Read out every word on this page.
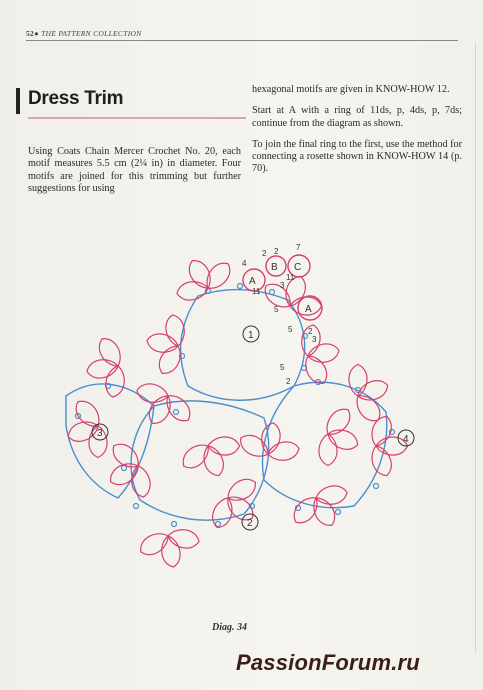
52● THE PATTERN COLLECTION
Dress Trim

Using Coats Chain Mercer Crochet No. 20, each motif measures 5.5 cm (2¼ in) in diameter. Four motifs are joined for this trimming but further suggestions for using

hexagonal motifs are given in KNOW-HOW 12.

Start at A with a ring of 11ds, p, 4ds, p, 7ds; continue from the diagram as shown.

To join the final ring to the first, use the method for connecting a rosette shown in KNOW-HOW 14 (p. 70).

A
B C
A
4
2 2 7
11
3
11
5
5 2
3
5
2
1
2
3
4
Diag. 34
PassionForum.ru
